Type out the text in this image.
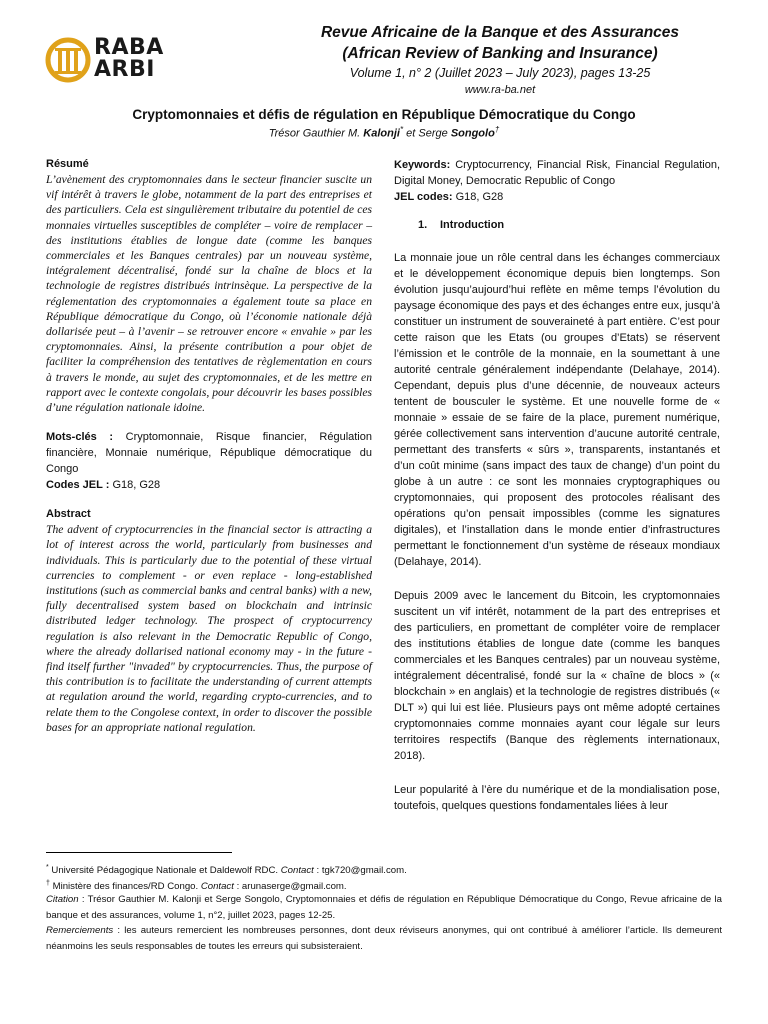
RABA
ARBI
Revue Africaine de la Banque et des Assurances
(African Review of Banking and Insurance)
Volume 1, n° 2 (Juillet 2023 – July 2023), pages 13-25
www.ra-ba.net
Cryptomonnaies et défis de régulation en République Démocratique du Congo
Trésor Gauthier M. Kalonji* et Serge Songolo†

Résumé

L’avènement des cryptomonnaies dans le secteur financier suscite un vif intérêt à travers le globe, notamment de la part des entreprises et des particuliers. Cela est singulièrement tributaire du potentiel de ces monnaies virtuelles susceptibles de compléter – voire de remplacer – des institutions établies de longue date (comme les banques commerciales et les Banques centrales) par un nouveau système, intégralement décentralisé, fondé sur la chaîne de blocs et la technologie de registres distribués intrinsèque. La perspective de la réglementation des cryptomonnaies a également toute sa place en République démocratique du Congo, où l’économie nationale déjà dollarisée peut – à l’avenir – se retrouver encore « envahie » par les cryptomonnaies. Ainsi, la présente contribution a pour objet de faciliter la compréhension des tentatives de règlementation en cours à travers le monde, au sujet des cryptomonnaies, et de les mettre en rapport avec le contexte congolais, pour découvrir les bases possibles d’une régulation nationale idoine.

Mots-clés : Cryptomonnaie, Risque financier, Régulation financière, Monnaie numérique, République démocratique du Congo

Codes JEL : G18, G28

Abstract

The advent of cryptocurrencies in the financial sector is attracting a lot of interest across the world, particularly from businesses and individuals. This is particularly due to the potential of these virtual currencies to complement - or even replace - long-established institutions (such as commercial banks and central banks) with a new, fully decentralised system based on blockchain and intrinsic distributed ledger technology. The prospect of cryptocurrency regulation is also relevant in the Democratic Republic of Congo, where the already dollarised national economy may - in the future - find itself further "invaded" by cryptocurrencies. Thus, the purpose of this contribution is to facilitate the understanding of current attempts at regulation around the world, regarding crypto-currencies, and to relate them to the Congolese context, in order to discover the possible bases for an appropriate national regulation.

Keywords: Cryptocurrency, Financial Risk, Financial Regulation, Digital Money, Democratic Republic of Congo

JEL codes: G18, G28

1. Introduction

La monnaie joue un rôle central dans les échanges commerciaux et le développement économique depuis bien longtemps. Son évolution jusqu’aujourd’hui reflète en même temps l’évolution du paysage économique des pays et des échanges entre eux, jusqu’à constituer un instrument de souveraineté à part entière. C’est pour cette raison que les Etats (ou groupes d’Etats) se réservent l’émission et le contrôle de la monnaie, en la soumettant à une autorité centrale généralement indépendante (Delahaye, 2014). Cependant, depuis plus d’une décennie, de nouveaux acteurs tentent de bousculer le système. Et une nouvelle forme de « monnaie » essaie de se faire de la place, purement numérique, gérée collectivement sans intervention d’aucune autorité centrale, permettant des transferts « sûrs », transparents, instantanés et d’un coût minime (sans impact des taux de change) d’un point du globe à un autre : ce sont les monnaies cryptographiques ou cryptomonnaies, qui proposent des protocoles réalisant des opérations qu’on pensait impossibles (comme les signatures digitales), et l’installation dans le monde entier d’infrastructures permettant le fonctionnement d’un système de réseaux mondiaux (Delahaye, 2014).

Depuis 2009 avec le lancement du Bitcoin, les cryptomonnaies suscitent un vif intérêt, notamment de la part des entreprises et des particuliers, en promettant de compléter voire de remplacer des institutions établies de longue date (comme les banques commerciales et les Banques centrales) par un nouveau système, intégralement décentralisé, fondé sur la « chaîne de blocs » (« blockchain » en anglais) et la technologie de registres distribués (« DLT ») qui lui est liée. Plusieurs pays ont même adopté certaines cryptomonnaies comme monnaies ayant cour légale sur leurs territoires respectifs (Banque des règlements internationaux, 2018).

Leur popularité à l’ère du numérique et de la mondialisation pose, toutefois, quelques questions fondamentales liées à leur

* Université Pédagogique Nationale et Daldewolf RDC. Contact : tgk720@gmail.com.
† Ministère des finances/RD Congo. Contact : arunaserge@gmail.com.
Citation : Trésor Gauthier M. Kalonji et Serge Songolo, Cryptomonnaies et défis de régulation en République Démocratique du Congo, Revue africaine de la banque et des assurances, volume 1, n°2, juillet 2023, pages 12-25.
Remerciements : les auteurs remercient les nombreuses personnes, dont deux réviseurs anonymes, qui ont contribué à améliorer l’article. Ils demeurent néanmoins les seuls responsables de toutes les erreurs qui subsisteraient.
